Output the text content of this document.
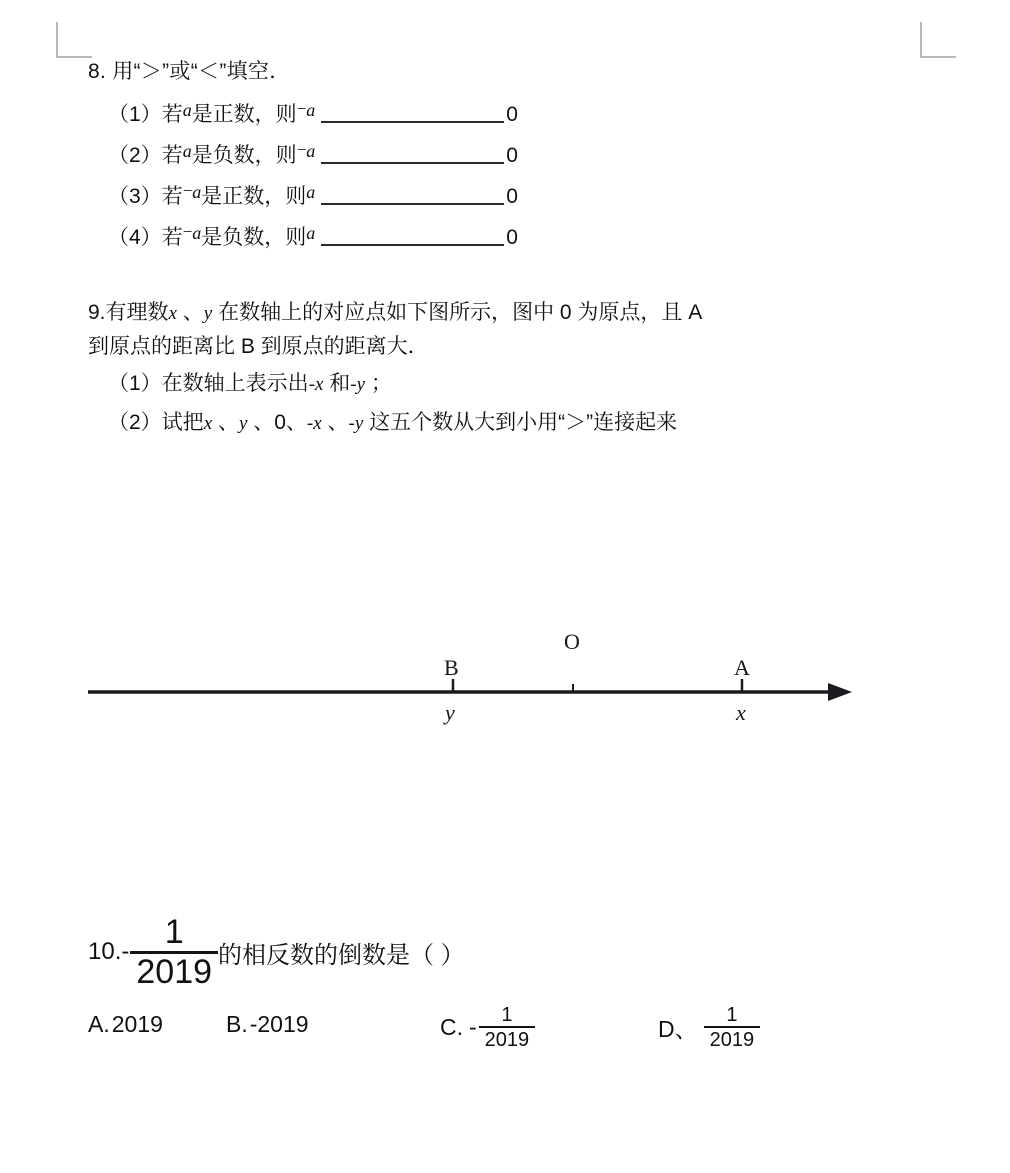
8. 用“＞”或“＜”填空．
（1） 若 a 是正数，则 − a	0
（2） 若 a 是负数，则 − a	0
（3） 若 − a 是正数，则 a	0
（4） 若 − a 是负数，则 a	0
9.有理数x 、y 在数轴上的对应点如下图所示，图中 0 为原点，且 A
到原点的距离比 B 到原点的距离大．
（1）在数轴上表示出-x 和-y ；
（2）试把x 、y 、0、-x 、-y 这五个数从大到小用“＞”连接起来
B
y
O
A
x
10. - $\frac{1}{2019}$ 的相反数的倒数是（ ）
A. 2019	B. -2019	C. - $\frac{1}{2019}$	D、 $\frac{1}{2019}$
